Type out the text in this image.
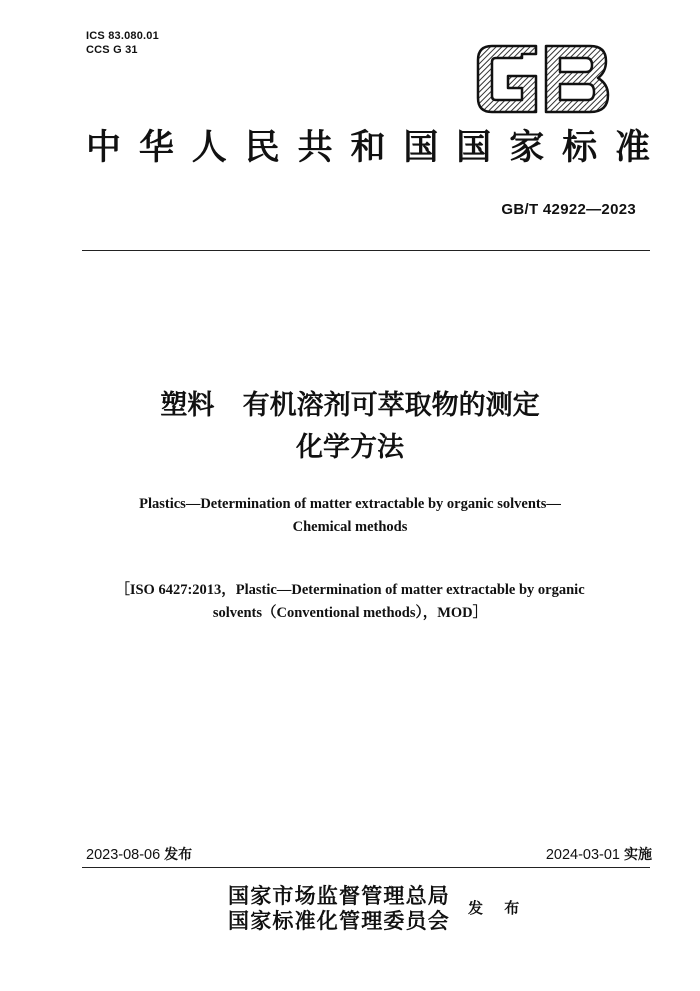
ICS 83.080.01
CCS G 31
中华人民共和国国家标准
GB/T 42922—2023
塑料   有机溶剂可萃取物的测定
化学方法
Plastics—Determination of matter extractable by organic solvents—
Chemical methods
［ISO 6427:2013，Plastic—Determination of matter extractable by organic
solvents（Conventional methods），MOD］
2023-08-06 发布	2024-03-01 实施
国家市场监督管理总局
国家标准化管理委员会 发 布
